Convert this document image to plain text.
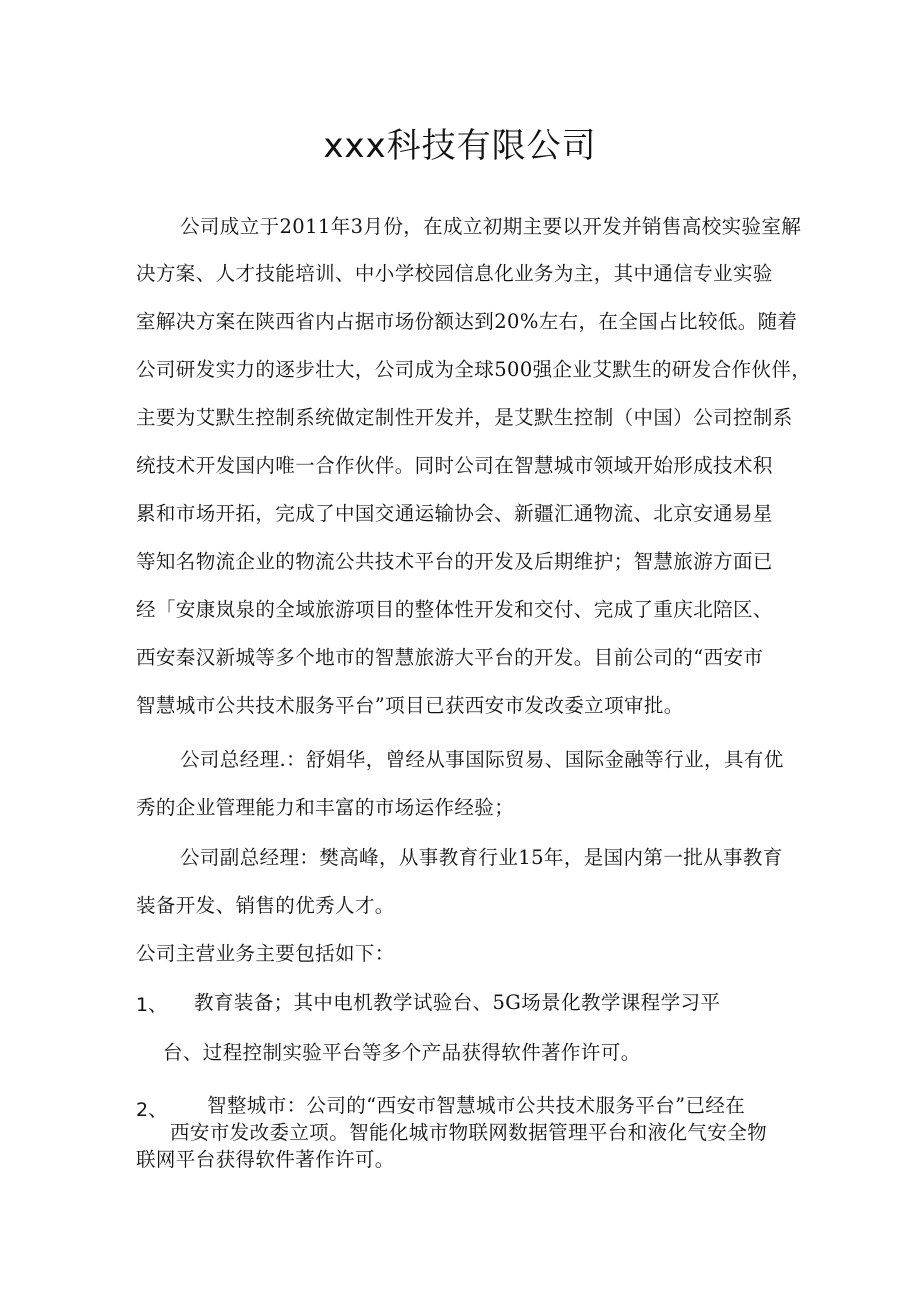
xxx科技有限公司
公司成立于2011年3月份，在成立初期主要以开发并销售高校实验室解
决方案、人才技能培训、中小学校园信息化业务为主，其中通信专业实验
室解决方案在陕西省内占据市场份额达到20%左右，在全国占比较低。随着
公司研发实力的逐步壮大，公司成为全球500强企业艾默生的研发合作伙伴，
主要为艾默生控制系统做定制性开发并，是艾默生控制（中国）公司控制系
统技术开发国内唯一合作伙伴。同时公司在智慧城市领域开始形成技术积
累和市场开拓，完成了中国交通运输协会、新疆汇通物流、北京安通易星
等知名物流企业的物流公共技术平台的开发及后期维护；智慧旅游方面已
经「安康岚泉的全域旅游项目的整体性开发和交付、完成了重庆北陪区、
西安秦汉新城等多个地市的智慧旅游大平台的开发。目前公司的“西安市
智慧城市公共技术服务平台”项目已获西安市发改委立项审批。
公司总经理.：舒娟华，曾经从事国际贸易、国际金融等行业，具有优
秀的企业管理能力和丰富的市场运作经验；
公司副总经理：樊高峰，从事教育行业15年，是国内第一批从事教育
装备开发、销售的优秀人才。
公司主营业务主要包括如下：
1、 教育装备；其中电机教学试验台、5G场景化教学课程学习平
台、过程控制实验平台等多个产品获得软件著作许可。
2、 智整城市：公司的“西安市智慧城市公共技术服务平台”已经在
西安市发改委立项。智能化城市物联网数据管理平台和液化气安全物
联网平台获得软件著作许可。
